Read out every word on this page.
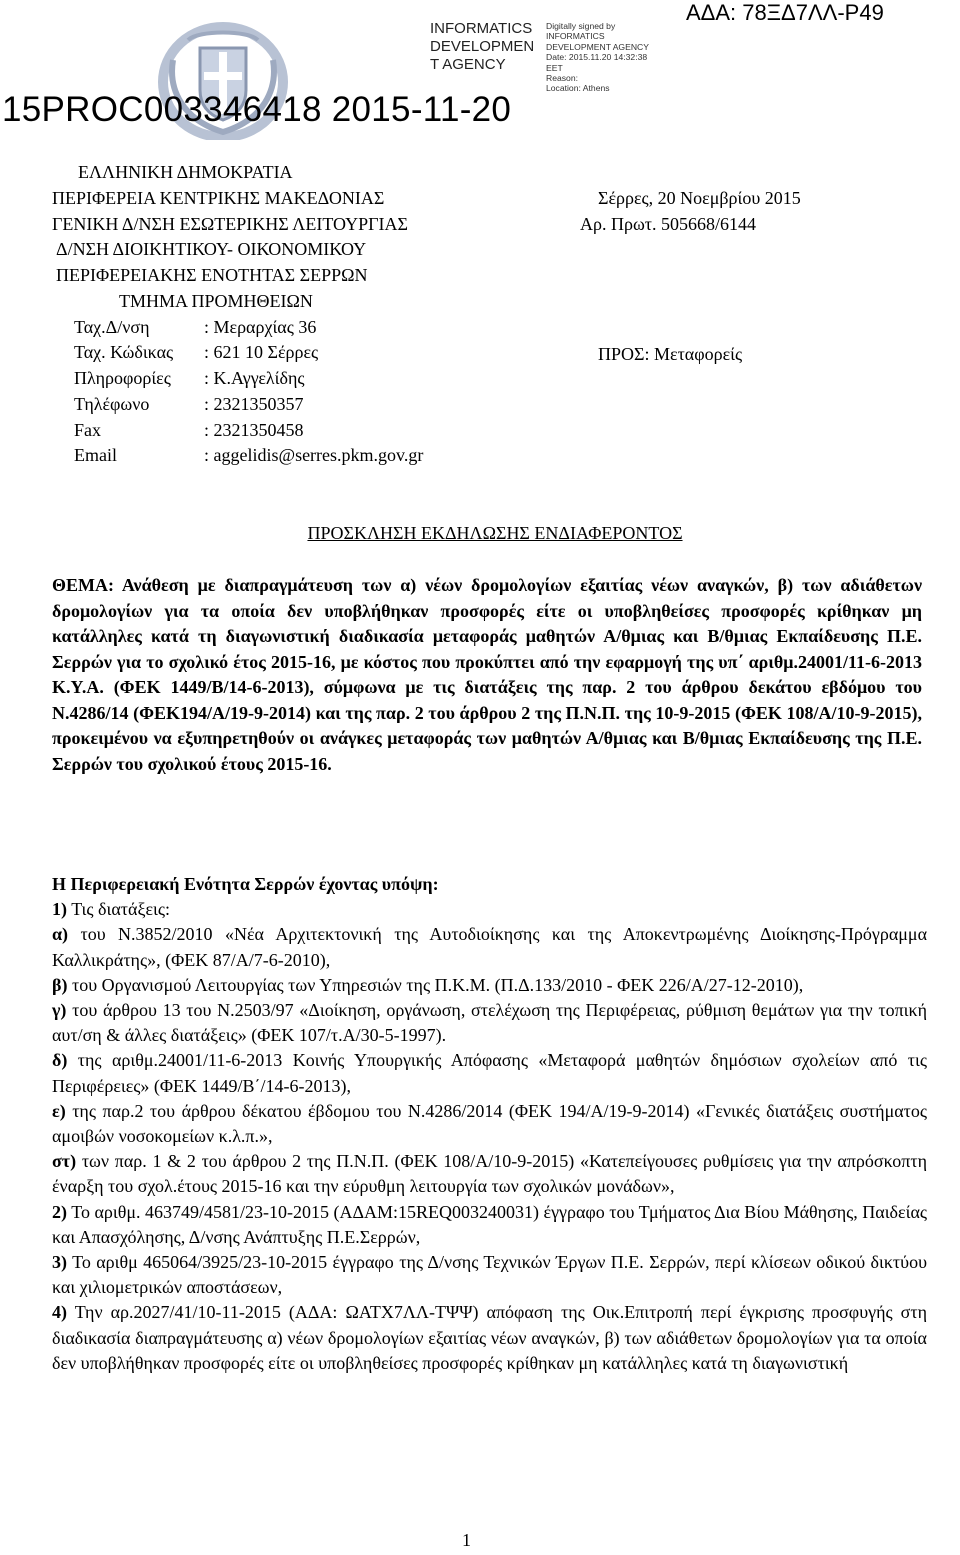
INFORMATICS
DEVELOPMEN
T AGENCY
Digitally signed by
INFORMATICS
DEVELOPMENT AGENCY
Date: 2015.11.20 14:32:38
EET
Reason:
Location: Athens
ΑΔΑ: 78ΞΔ7ΛΛ-Ρ49
15PROC003346418 2015-11-20
ΕΛΛΗΝΙΚΗ ΔΗΜΟΚΡΑΤΙΑ
ΠΕΡΙΦΕΡΕΙΑ ΚΕΝΤΡΙΚΗΣ ΜΑΚΕΔΟΝΙΑΣ
ΓΕΝΙΚΗ Δ/ΝΣΗ ΕΣΩΤΕΡΙΚΗΣ ΛΕΙΤΟΥΡΓΙΑΣ
Δ/ΝΣΗ ΔΙΟΙΚΗΤΙΚΟΥ- ΟΙΚΟΝΟΜΙΚΟΥ
ΠΕΡΙΦΕΡΕΙΑΚΗΣ ΕΝΟΤΗΤΑΣ ΣΕΡΡΩΝ
ΤΜΗΜΑ ΠΡΟΜΗΘΕΙΩΝ
Ταχ.Δ/νση	: Μεραρχίας 36
Ταχ. Κώδικας : 621 10 Σέρρες
Πληροφορίες : Κ.Αγγελίδης
Τηλέφωνο	: 2321350357
Fax	: 2321350458
Email	: aggelidis@serres.pkm.gov.gr
Σέρρες, 20 Νοεμβρίου 2015
Αρ. Πρωτ. 505668/6144
ΠΡΟΣ: Μεταφορείς
ΠΡΟΣΚΛΗΣΗ ΕΚΔΗΛΩΣΗΣ ΕΝΔΙΑΦΕΡΟΝΤΟΣ
ΘΕΜΑ: Ανάθεση με διαπραγμάτευση των α) νέων δρομολογίων εξαιτίας νέων αναγκών, β) των αδιάθετων δρομολογίων για τα οποία δεν υποβλήθηκαν προσφορές είτε οι υποβληθείσες προσφορές κρίθηκαν μη κατάλληλες κατά τη διαγωνιστική διαδικασία μεταφοράς μαθητών Α/θμιας και Β/θμιας Εκπαίδευσης Π.Ε. Σερρών για το σχολικό έτος 2015-16, με κόστος που προκύπτει από την εφαρμογή της υπ΄ αριθμ.24001/11-6-2013 Κ.Υ.Α. (ΦΕΚ 1449/Β/14-6-2013), σύμφωνα με τις διατάξεις της παρ. 2 του άρθρου δεκάτου εβδόμου του Ν.4286/14 (ΦΕΚ194/Α/19-9-2014) και της παρ. 2 του άρθρου 2 της Π.Ν.Π. της 10-9-2015 (ΦΕΚ 108/Α/10-9-2015), προκειμένου να εξυπηρετηθούν οι ανάγκες μεταφοράς των μαθητών Α/θμιας και Β/θμιας Εκπαίδευσης της Π.Ε. Σερρών του σχολικού έτους 2015-16.

Η Περιφερειακή Ενότητα Σερρών έχοντας υπόψη:

1) Τις διατάξεις:

α) του Ν.3852/2010 «Νέα Αρχιτεκτονική της Αυτοδιοίκησης και της Αποκεντρωμένης Διοίκησης-Πρόγραμμα Καλλικράτης», (ΦΕΚ 87/Α/7-6-2010),

β) του Οργανισμού Λειτουργίας των Υπηρεσιών της Π.Κ.Μ. (Π.Δ.133/2010 - ΦΕΚ 226/Α/27-12-2010),

γ) του άρθρου 13 του Ν.2503/97 «Διοίκηση, οργάνωση, στελέχωση της Περιφέρειας, ρύθμιση θεμάτων για την τοπική αυτ/ση & άλλες διατάξεις» (ΦΕΚ 107/τ.Α/30-5-1997).

δ) της αριθμ.24001/11-6-2013 Κοινής Υπουργικής Απόφασης «Μεταφορά μαθητών δημόσιων σχολείων από τις Περιφέρειες» (ΦΕΚ 1449/Β΄/14-6-2013),

ε) της παρ.2 του άρθρου δέκατου έβδομου του Ν.4286/2014 (ΦΕΚ 194/Α/19-9-2014) «Γενικές διατάξεις συστήματος αμοιβών νοσοκομείων κ.λ.π.»,

στ) των παρ. 1 & 2 του άρθρου 2 της Π.Ν.Π. (ΦΕΚ 108/Α/10-9-2015) «Κατεπείγουσες ρυθμίσεις για την απρόσκοπτη έναρξη του σχολ.έτους 2015-16 και την εύρυθμη λειτουργία των σχολικών μονάδων»,

2) Το αριθμ. 463749/4581/23-10-2015 (ΑΔΑΜ:15REQ003240031) έγγραφο του Τμήματος Δια Βίου Μάθησης, Παιδείας και Απασχόλησης, Δ/νσης Ανάπτυξης Π.Ε.Σερρών,

3) Το αριθμ 465064/3925/23-10-2015 έγγραφο της Δ/νσης Τεχνικών Έργων Π.Ε. Σερρών, περί κλίσεων οδικού δικτύου και χιλιομετρικών αποστάσεων,

4) Την αρ.2027/41/10-11-2015 (ΑΔΑ: ΩΑΤΧ7ΛΛ-ΤΨΨ) απόφαση της Οικ.Επιτροπή περί έγκρισης προσφυγής στη διαδικασία διαπραγμάτευσης α) νέων δρομολογίων εξαιτίας νέων αναγκών, β) των αδιάθετων δρομολογίων για τα οποία δεν υποβλήθηκαν προσφορές είτε οι υποβληθείσες προσφορές κρίθηκαν μη κατάλληλες κατά τη διαγωνιστική

1
